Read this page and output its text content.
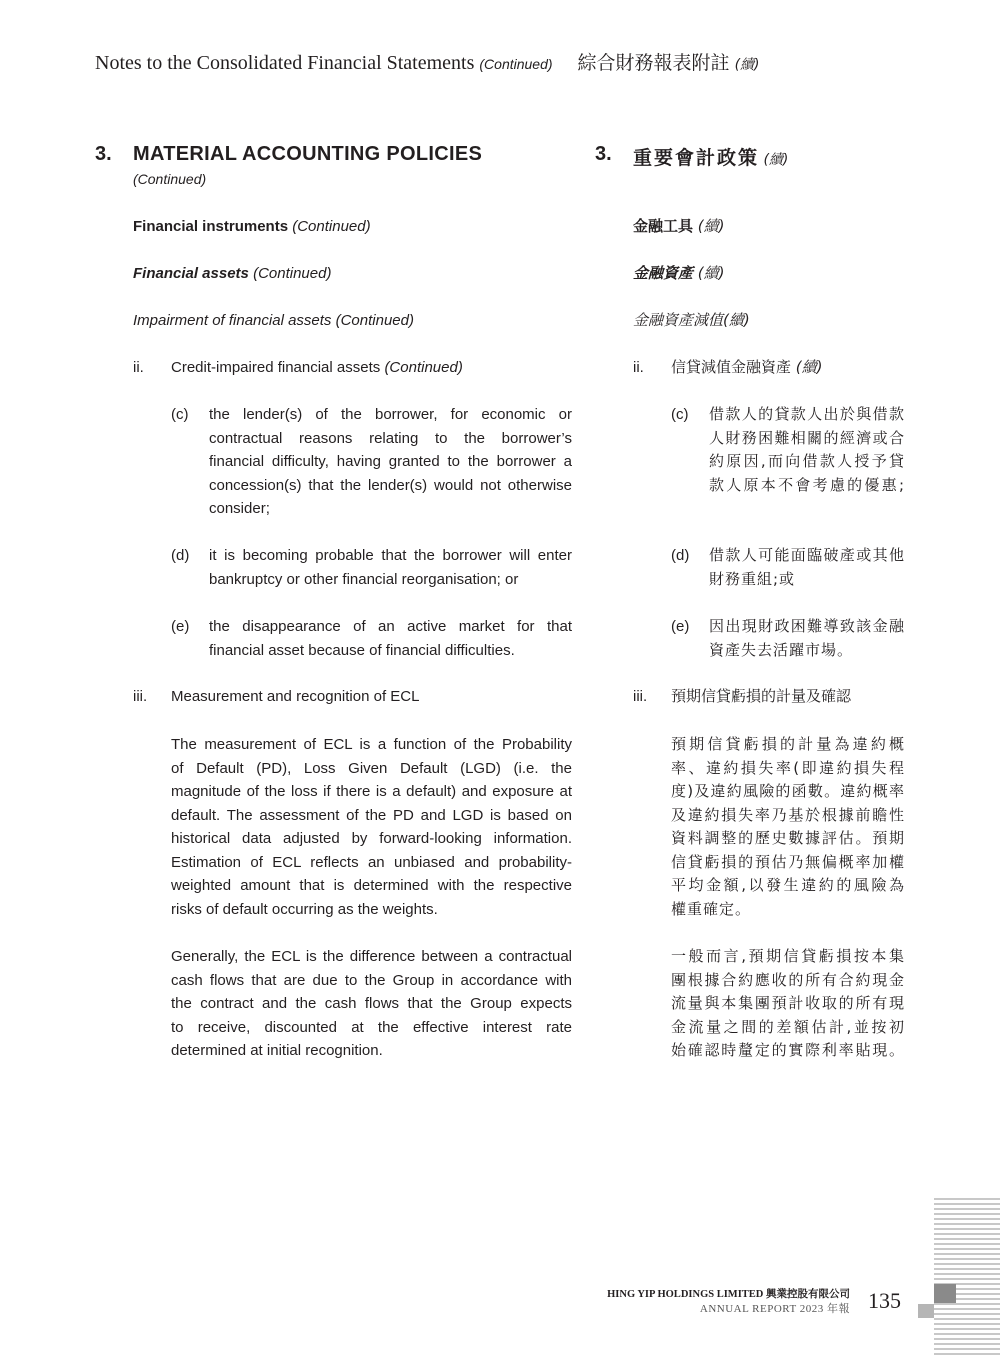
Notes to the Consolidated Financial Statements (Continued) 綜合財務報表附註 (續)
3. MATERIAL ACCOUNTING POLICIES
(Continued)
3. 重要會計政策 (續)
Financial instruments (Continued)	金融工具 (續)
Financial assets (Continued)	金融資產 (續)
Impairment of financial assets (Continued)	金融資產減值(續)
ii. Credit-impaired financial assets (Continued)	ii. 信貸減值金融資產 (續)
(c) the lender(s) of the borrower, for economic or
contractual reasons relating to the borrower’s
financial difficulty, having granted to the borrower a
concession(s) that the lender(s) would not otherwise
consider;
(c) 借款人的貸款人出於與借款
人財務困難相關的經濟或合
約原因,而向借款人授予貸
款人原本不會考慮的優惠;
(d) it is becoming probable that the borrower will enter
bankruptcy or other financial reorganisation; or
(d) 借款人可能面臨破產或其他
財務重組;或
(e) the disappearance of an active market for that
financial asset because of financial difficulties.
(e) 因出現財政困難導致該金融
資產失去活躍市場。
iii. Measurement and recognition of ECL	iii. 預期信貸虧損的計量及確認
The measurement of ECL is a function of the Probability
of Default (PD), Loss Given Default (LGD) (i.e. the
magnitude of the loss if there is a default) and exposure at
default. The assessment of the PD and LGD is based on
historical data adjusted by forward-looking information.
Estimation of ECL reflects an unbiased and probability-
weighted amount that is determined with the respective
risks of default occurring as the weights.
預期信貸虧損的計量為違約概
率、違約損失率(即違約損失程
度)及違約風險的函數。違約概率
及違約損失率乃基於根據前瞻性
資料調整的歷史數據評估。預期
信貸虧損的預估乃無偏概率加權
平均金額,以發生違約的風險為
權重確定。
Generally, the ECL is the difference between a contractual
cash flows that are due to the Group in accordance with
the contract and the cash flows that the Group expects
to receive, discounted at the effective interest rate
determined at initial recognition.
一般而言,預期信貸虧損按本集
團根據合約應收的所有合約現金
流量與本集團預計收取的所有現
金流量之間的差額估計,並按初
始確認時釐定的實際利率貼現。
HING YIP HOLDINGS LIMITED 興業控股有限公司
ANNUAL REPORT 2023 年報 135
